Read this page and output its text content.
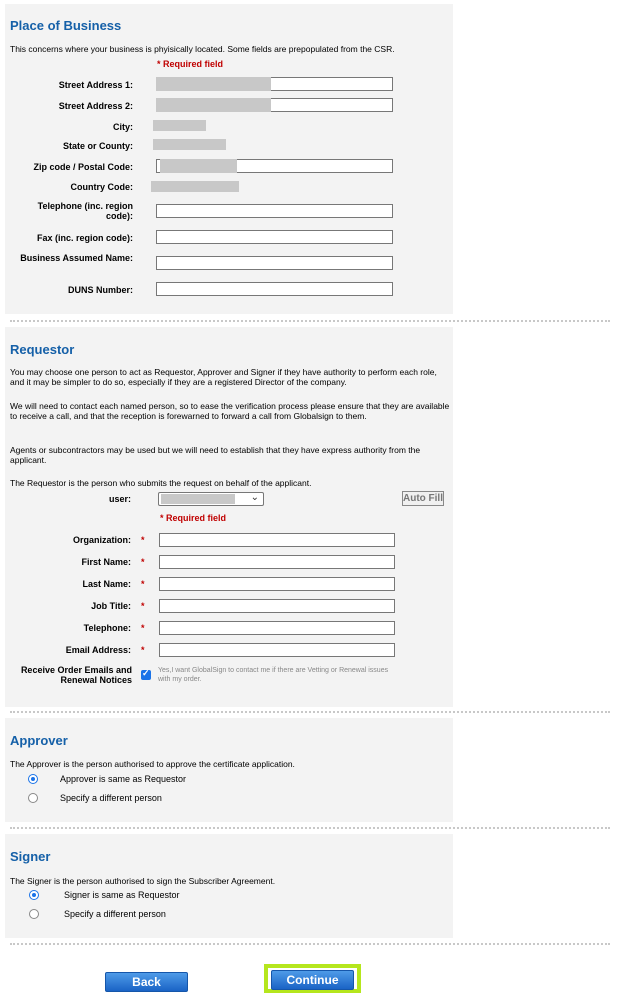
Place of Business

This concerns where your business is phyisically located. Some fields are prepopulated from the CSR.

* Required field
Street Address 1:
Street Address 2:
City:
State or County:
Zip code / Postal Code:
Country Code:
Telephone (inc. region code):
Fax (inc. region code):
Business Assumed Name:
DUNS Number:
Requestor

You may choose one person to act as Requestor, Approver and Signer if they have authority to perform each role, and it may be simpler to do so, especially if they are a registered Director of the company.

We will need to contact each named person, so to ease the verification process please ensure that they are available to receive a call, and that the reception is forewarned to forward a call from Globalsign to them.

Agents or subcontractors may be used but we will need to establish that they have express authority from the applicant.

The Requestor is the person who submits the request on behalf of the applicant.

user:	⌄	Auto Fill
* Required field
Organization: *
First Name: *
Last Name: *
Job Title: *
Telephone: *
Email Address: *
Receive Order Emails and Renewal Notices
✓ Yes,I want GlobalSign to contact me if there are Vetting or Renewal issues with my order.

Approver

The Approver is the person authorised to approve the certificate application.

Approver is same as Requestor
Specify a different person
Signer

The Signer is the person authorised to sign the Subscriber Agreement.

Signer is same as Requestor
Specify a different person
Back	Continue
